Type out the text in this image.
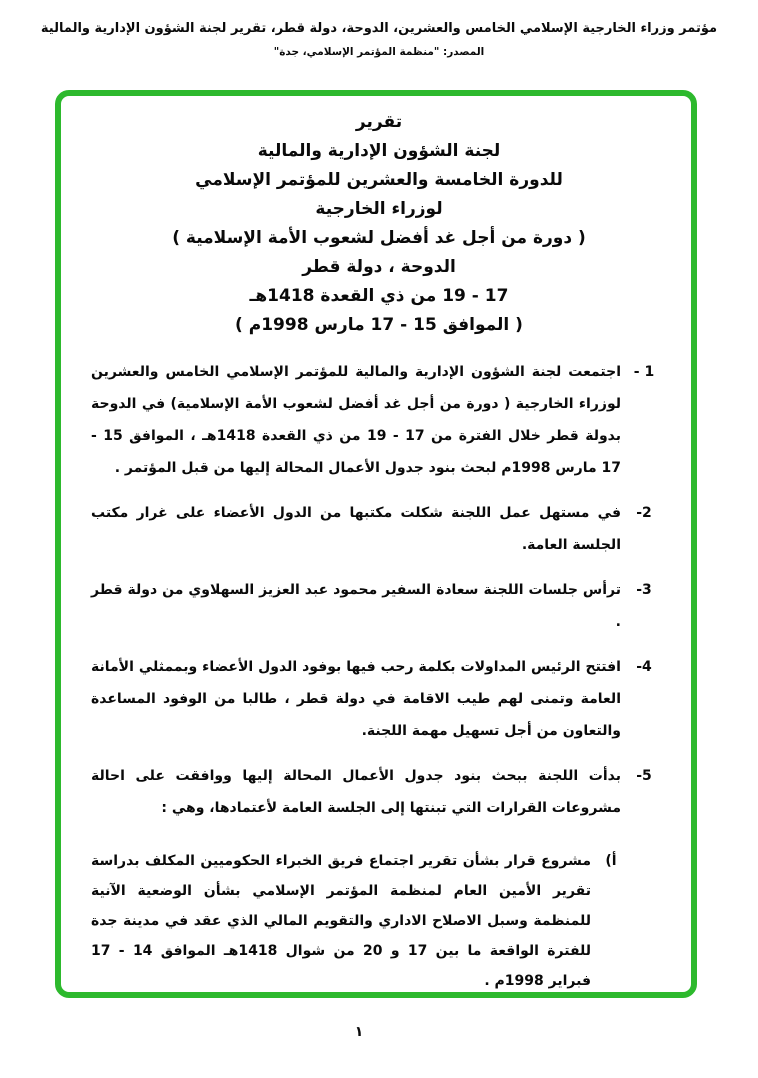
مؤتمر وزراء الخارجية الإسلامي الخامس والعشرين، الدوحة، دولة قطر، تقرير لجنة الشؤون الإدارية والمالية
المصدر: "منظمة المؤتمر الإسلامي، جدة"
تقرير
لجنة الشؤون الإدارية والمالية
للدورة الخامسة والعشرين للمؤتمر الإسلامي
لوزراء الخارجية
( دورة من أجل غد أفضل لشعوب الأمة الإسلامية )
الدوحة ، دولة قطر
17 - 19 من ذي القعدة 1418هـ
( الموافق 15 - 17 مارس 1998م )
- 1
اجتمعت لجنة الشؤون الإدارية والمالية للمؤتمر الإسلامي الخامس والعشرين لوزراء الخارجية ( دورة من أجل غد أفضل لشعوب الأمة الإسلامية) في الدوحة بدولة قطر خلال الفترة من 17 - 19 من ذي القعدة 1418هـ ، الموافق 15 - 17 مارس 1998م لبحث بنود جدول الأعمال المحالة إليها من قبل المؤتمر .
-2
في مستهل عمل اللجنة شكلت مكتبها من الدول الأعضاء على غرار مكتب الجلسة العامة.
-3
ترأس جلسات اللجنة سعادة السفير محمود عبد العزيز السهلاوي من دولة قطر .
-4
افتتح الرئيس المداولات بكلمة رحب فيها بوفود الدول الأعضاء وبممثلي الأمانة العامة وتمنى لهم طيب الاقامة في دولة قطر ، طالبا من الوفود المساعدة والتعاون من أجل تسهيل مهمة اللجنة.
-5
بدأت اللجنة ببحث بنود جدول الأعمال المحالة إليها ووافقت على احالة مشروعات القرارات التي تبنتها إلى الجلسة العامة لأعتمادها، وهي :
(أ
مشروع قرار بشأن تقرير اجتماع فريق الخبراء الحكوميين المكلف بدراسة تقرير الأمين العام لمنظمة المؤتمر الإسلامي بشأن الوضعية الآنية للمنظمة وسبل الاصلاح الاداري والتقويم المالي الذي عقد في مدينة جدة للفترة الواقعة ما بين 17 و 20 من شوال 1418هـ الموافق 14 - 17 فبراير 1998م .
١
